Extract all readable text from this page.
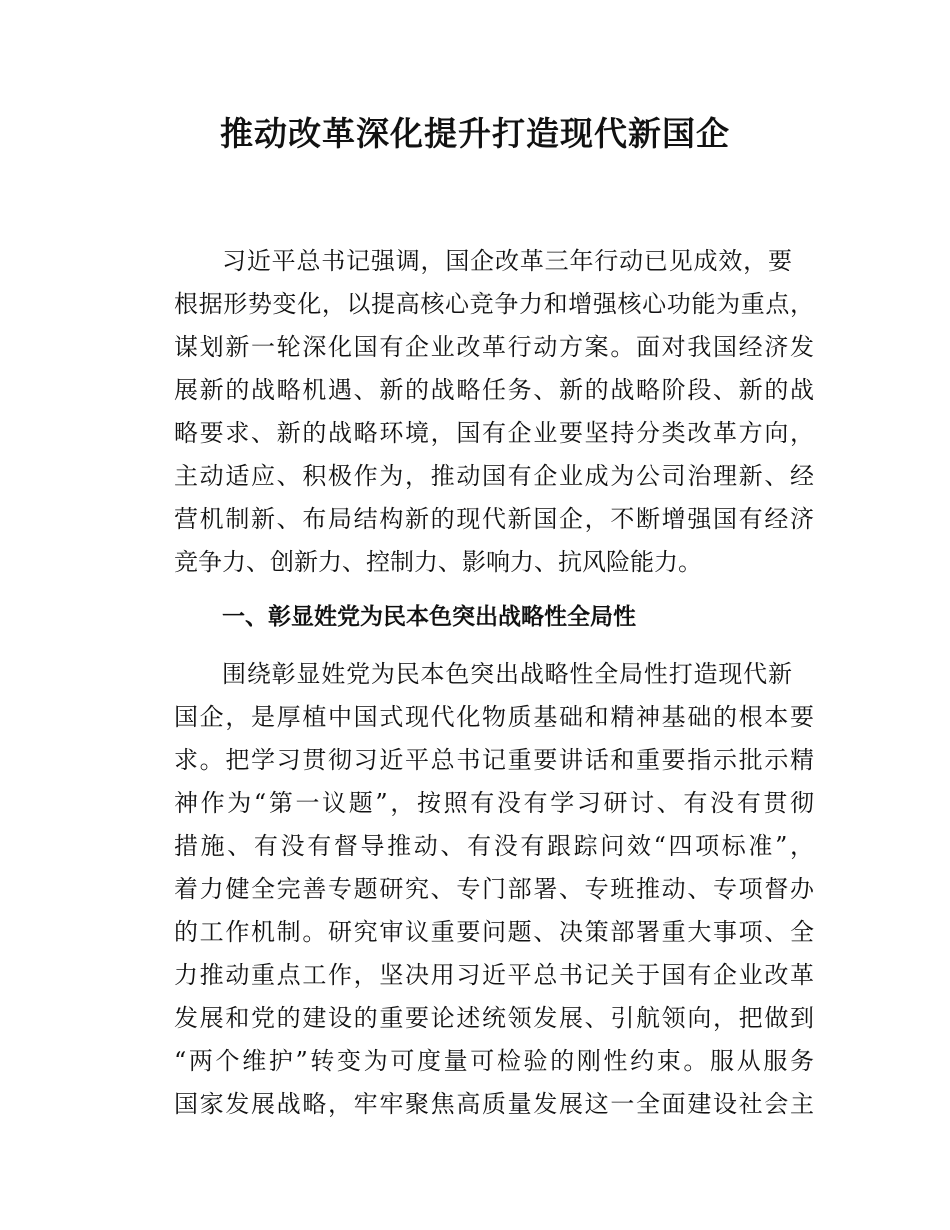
推动改革深化提升打造现代新国企

习近平总书记强调，国企改革三年行动已见成效，要

根据形势变化，以提高核心竞争力和增强核心功能为重点，

谋划新一轮深化国有企业改革行动方案。面对我国经济发

展新的战略机遇、新的战略任务、新的战略阶段、新的战

略要求、新的战略环境，国有企业要坚持分类改革方向，

主动适应、积极作为，推动国有企业成为公司治理新、经

营机制新、布局结构新的现代新国企，不断增强国有经济

竞争力、创新力、控制力、影响力、抗风险能力。

一、彰显姓党为民本色突出战略性全局性

围绕彰显姓党为民本色突出战略性全局性打造现代新

国企，是厚植中国式现代化物质基础和精神基础的根本要

求。把学习贯彻习近平总书记重要讲话和重要指示批示精

神作为“第一议题”，按照有没有学习研讨、有没有贯彻

措施、有没有督导推动、有没有跟踪问效“四项标准”，

着力健全完善专题研究、专门部署、专班推动、专项督办

的工作机制。研究审议重要问题、决策部署重大事项、全

力推动重点工作，坚决用习近平总书记关于国有企业改革

发展和党的建设的重要论述统领发展、引航领向，把做到

“两个维护”转变为可度量可检验的刚性约束。服从服务

国家发展战略，牢牢聚焦高质量发展这一全面建设社会主
